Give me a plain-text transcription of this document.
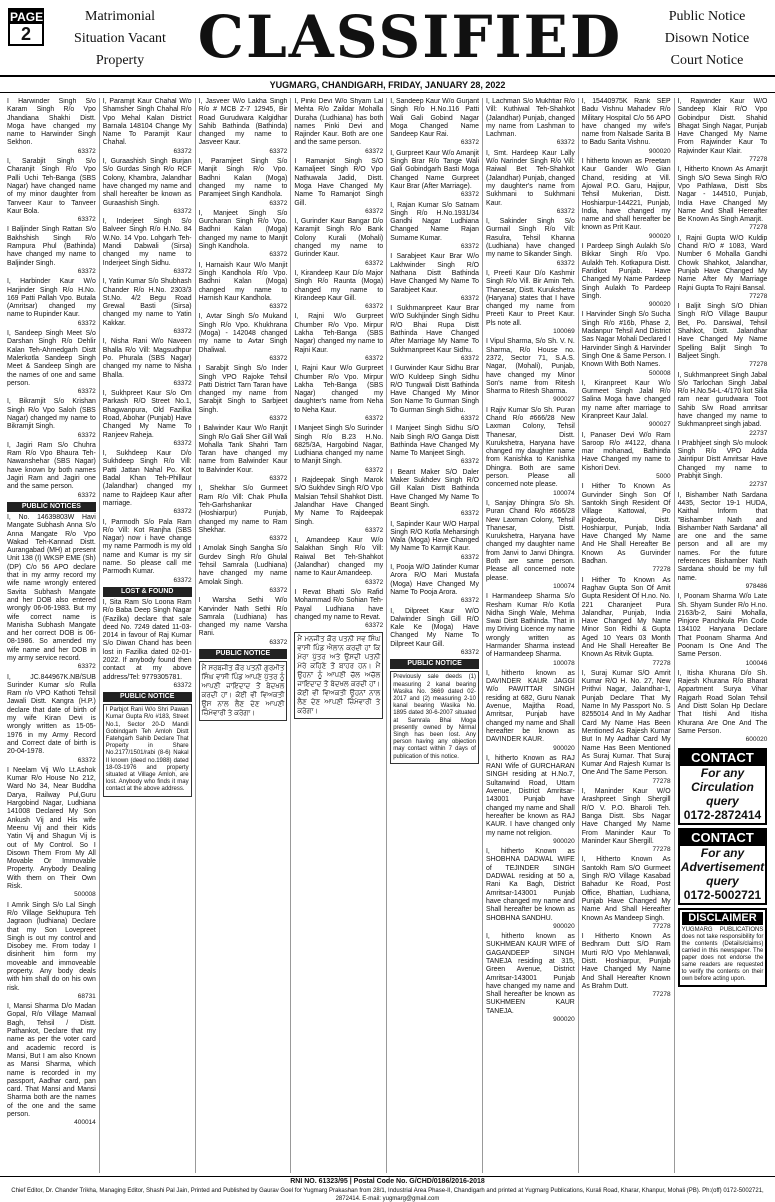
PAGE
2
Matrimonial
Situation Vacant
Property CLASSIFIED	Public Notice
Disown Notice
Court Notice
YUGMARG, CHANDIGARH, FRIDAY, JANUARY 28, 2022
I Harwinder Singh S/o Karam Singh R/o Vpo Jhandiana Shakhi Distt. Moga have changed my name to Harwinder Singh Sekhon.
63372
I, Sarabjit Singh S/o Charanjit Singh R/o Vpo Palli Uchi Teh-Banga (SBS Nagar) have changed name of my minor daughter from Tanveer Kaur to Tanveer Kaur Bola.
63372
I Baljinder Singh Rattan S/o Bakhshish Singh R/o Rampura Phul (Bathinda) have changed my name to Baljinder Singh.
63372
I, Harbinder Kaur W/o Harjinder Singh R/o H.No. 169 Patti Pallah Vpo. Butala (Amritsar) changed my name to Rupinder Kaur.
63372
I, Sandeep Singh Meet S/o Darshan Singh R/o Dehlir Kalan Teh-Ahmedgarh Distt Malerkotla Sandeep Singh Meet & Sandeep Singh are the names of one and same person.
63372
I, Bikramjit S/o Krishan Singh R/o Vpo Saloh (SBS Nagar) changed my name to Bikramjit Singh.
63372
I, Jagiri Ram S/o Chuhra Ram R/o Vpo Bhaura Teh-Nawanshehar (SBS Nagar) have known by both names Jagiri Ram and Jagiri one and the same person.
63372
PUBLIC NOTICES
I, No. 14639803W Havi Mangate Subhash Anna S/o Anna Mangate R/o Vpo Wakad Teh-Kannad Distt. Aurangabad (MH) at present Unit 138 (I) WKSP EME (Sh) (DP) C/o 56 APO declare that in my army record my wife name wrongly entered Savita Subhash Mangate and her DOB also entered wrongly 06-06-1983. But my wife correct name is Manisha Subhash Mangate and her correct DOB is 06-08-1986. So amended my wife name and her DOB in my army service record.
63372
I, JC.844967K.NB/SUB Surinder Kumar s/o Rulla Ram r/o VPO Kathoti Tehsil Jawali Distt. Kangra (H.P.) declare that date of birth of my wife Kiran Devi is wrongly written as 15-05-1976 in my Army Record and Correct date of birth is 20-04-1978.
63372
I Neelam Vij W/o Lt.Ashok Kumar R/o House No 212, Ward No 34, Near Buddha Darya, Railway Pul,Guru Hargobind Nagar, Ludhiana 141008 Declared My Son Ankush Vij and His wife Meenu Vij and their Kids Yatin Vij and Shagun Vij is out of My Control. So I Disown Them From My All Movable Or Immovable Property. Anybody Dealing With them on Their Own Risk.
500008
I Amrik Singh S/o Lal Singh R/o Village Sekhupura Teh Jagraon (ludhiana) Declare that my Son Lovepreet Singh is out my control and Disobey me. From today I disinherit him form my moveable and immoveable property. Any body deals with him shall do on his own risk.
68731
I, Mansi Sharma D/o Madan Gopal, R/o Village Manwal Bagh, Tehsil / Distt. Pathankot, Declare that my name as per the voter card and academic record is Mansi, But I am also Known as Mansi Sharma, which name is recorded in my passport, Aadhar card, pan card. That Mansi and Mansi Sharma both are the names of the one and the same person.
400014
I, Paramjit Kaur Chahal W/o Shamsher Singh Chahal R/o Vpo Mehal Kalan District Barnala 148104 Change My Name To Paramjit Kaur Chahal.
63372
I, Guraashish Singh Burjan S/o Gurdas Singh R/o RCF Colony, Khambra, Jalandhar have changed my name and shall hereafter be known as Guraashish Singh.
63372
I, Inderjeet Singh S/o Balveer Singh R/o H.No. 84 W.No. 14 Vpo. Lohgarh Teh-Mandi Dabwali (Sirsa) changed my name to Inderjeet Singh Sidhu.
63372
I, Yatin Kumar S/o Shubhash Chander R/o H.No. 2303/3 St.No. 4/2 Begu Road Grewal Basti (Sirsa) changed my name to Yatin Kakkar.
63372
I, Nisha Rani W/o Naveen Bhalla R/o Vill: Magsudhpur Po. Phurala (SBS Nagar) changed my name to Nisha Bhalla.
63372
I, Sukhpreet Kaur S/o Om Parkash R/O Street No.1, Bhagwanpura, Old Fazilka Road, Abohar (Punjab) Have Changed My Name To Ranjeev Raheja.
63372
I, Sukhdeep Kaur D/o Sukhdeep Singh R/o Vill: Patti Jattan Nahal Po. Kot Badal Khan Teh-Phillaur (Jalandhar) changed my name to Rajdeep Kaur after marriage.
63372
I, Parmodh S/o Pala Ram R/o Vill: Kot Ranjha (SBS Nagar) now i have change my name Parmodh is my old name and Kumar is my sir name. So please call me Parmodh Kumar.
63372
LOST & FOUND
I, Sita Ram S/o Loona Ram R/o Baba Deep Singh Nagar (Fazilka) declare that sale deed No. 7249 dated 11-03-2014 in favour of Raj Kumar S/o Diwan Chand has been lost in Fazilka dated 02-01-2022. If anybody found then contact at my above address/Tel: 9779305781.
63372
PUBLIC NOTICE
I Parbjot Rani W/o Shri Pawan Kumar Gupta R/o #183, Street No.1, Sector 20-D Mandi Gobindgarh Teh Amloh Distt Fatehgarh Sahib Declare That Property in Share No.2177/1501/rabi (8-6) Nakal II known (deed no.1988) dated 18-03-1976 and property situated at Village Amloh, are lost. Anybody who finds it may contact at the above address.
I, Jasveer W/o Lakha Singh R/o # MCB Z-7 12945, Bir Road Gurudwara Kalgidhar Sahib Bathinda (Bathinda) changed my name to Jasveer Kaur.
63372
I, Paramjeet Singh S/o Manjit Singh R/o Vpo. Badhni Kalan (Moga) changed my name to Paramjeet Singh Kandhola.
63372
I, Manjeet Singh S/o Gurcharan Singh R/o Vpo. Badhni Kalan (Moga) changed my name to Manjit Singh Kandhola.
63372
I, Harnaish Kaur W/o Manjit Singh Kandhola R/o Vpo. Badhni Kalan (Moga) changed my name to Harnish Kaur Kandhola.
63372
I, Avtar Singh S/o Mukand Singh R/o Vpo. Khukhrana (Moga) - 142048 changed my name to Avtar Singh Dhaliwal.
63372
I Sarabjit Singh S/o Inder Singh VPO Rajoke Tehsil Patti District Tarn Taran have changed my name from Sarabjit Singh to Sarbjeet Singh.
63372
I Balwinder Kaur W/o Ranjit Singh R/o Gali Sher Gill Wali Mohalla Tank Shahri Tarn Taran have changed my name from Balwinder Kaur to Balvinder Kour.
63372
I, Shekhar S/o Gurmeet Ram R/o Vill: Chak Phulla Teh-Garhshankar (Hoshiarpur) Punjab, changed my name to Ram Shekhar.
63372
I Amolak Singh Sangha S/o Gurdev Singh R/o Ghulal Tehsil Samrala (Ludhiana) have changed my name Amolak Singh.
63372
I Warsha Sethi W/o Karvinder Nath Sethi R/o Samrala (Ludhiana) has changed my name Varsha Rani.
63372
PUBLIC NOTICE
ਮੈਂ ਸਰਬਜੀਤ ਕੌਰ ਪਤਨੀ ਗੁਰਮੀਤ ਸਿੰਘ ਵਾਸੀ ਪਿੰਡ ਆਪਣੇ ਪੁੱਤਰ ਨੂੰ ਆਪਣੀ ਜਾਇਦਾਦ ਤੋਂ ਬੇਦਖਲ ਕਰਦੀ ਹਾਂ। ਕੋਈ ਵੀ ਵਿਅਕਤੀ ਉਸ ਨਾਲ ਲੈਣ ਦੇਣ ਆਪਣੀ ਜ਼ਿੰਮੇਵਾਰੀ ਤੇ ਕਰੇਗਾ।
I, Pinki Devi W/o Shyam Lal Mehta R/o Zaildar Mohalla Duraha (Ludhiana) has both names Pinki Devi and Rajinder Kaur. Both are one and the same person.
63372
I Ramanjot Singh S/O Kamaljeet Singh R/O Vpo Nathuwala Jadid, Distt. Moga Have Changed My Name To Ramanjot Singh Gill.
63372
I, Gurinder Kaur Bangar D/o Karamjit Singh R/o Bank Colony Kurali (Mohali) changed my name to Gurinder Kaur.
63372
I, Kirandeep Kaur D/o Major Singh R/o Raunta (Moga) changed my name to Kirandeep Kaur Gill.
63372
I, Rajni W/o Gurpreet Chumber R/o Vpo. Mirpur Lakha Teh-Banga (SBS Nagar) changed my name to Rajni Kaur.
63372
I, Rajni Kaur W/o Gurpreet Chumber R/o Vpo. Mirpur Lakha Teh-Banga (SBS Nagar) changed my daughter's name from Neha to Neha Kaur.
63372
I Manjeet Singh S/o Surinder Singh R/o B.23 H.No. 6825/3A, Hargobind Nagar, Ludhiana changed my name to Manjit Singh.
63372
I Rajdeepak Singh Marok S/O Sukhdev Singh R/O Vpo Malsian Tehsil Shahkot Distt. Jalandhar Have Changed My Name To Rajdeepak Singh.
63372
I, Amandeep Kaur W/o Salakhan Singh R/o Vill: Raiwal Bet Teh-Shahkot (Jalandhar) changed my name to Kaur Amandeep.
63372
I Revat Bhatti S/o Rafid Mohammad R/o Sohian Teh-Payal Ludhiana have changed my name to Revat.
63372
ਮੈਂ ਮਨਜੀਤ ਕੌਰ ਪਤਨੀ ਸਵ ਸਿੰਘ ਵਾਸੀ ਪਿੰਡ ਐਲਾਨ ਕਰਦੀ ਹਾਂ ਕਿ ਮੇਰਾ ਪੁੱਤਰ ਅਤੇ ਉਸਦੀ ਪਤਨੀ ਮੇਰੇ ਕਹਿਣੇ ਤੋਂ ਬਾਹਰ ਹਨ। ਮੈਂ ਉਹਨਾਂ ਨੂੰ ਆਪਣੀ ਚੱਲ ਅਚੱਲ ਜਾਇਦਾਦ ਤੋਂ ਬੇਦਖਲ ਕਰਦੀ ਹਾਂ। ਕੋਈ ਵੀ ਵਿਅਕਤੀ ਉਹਨਾਂ ਨਾਲ ਲੈਣ ਦੇਣ ਆਪਣੀ ਜ਼ਿੰਮੇਵਾਰੀ ਤੇ ਕਰੇਗਾ।
I, Sandeep Kaur W/o Gurjant Singh R/o H.No.116 Patti Wali Gali Gobind Nagar Moga Changed Name Sandeep Kaur Rai.
63372
I, Gurpreet Kaur W/o Amanjit Singh Brar R/o Tange Wali Gali Gobindgarh Basti Moga Changed Name Gurpreet Kaur Brar (After Marriage).
63372
I, Rajan Kumar S/o Satnam Singh R/o H.No.1931/34 Gandhi Nagar Ludhiana Changed Name Rajan Surname Kumar.
63372
I Sarabjeet Kaur Brar W/o Lakhwinder Singh R/O Nathana Distt Bathinda Have Changed My Name To Sarabjeet Kaur.
63372
I Sukhmanpreet Kaur Brar W/O Sukhjinder Singh Sidhu R/O Bhai Rupa Distt Bathinda Have Changed After Marriage My Name To Sukhmanpreet Kaur Sidhu.
63372
I Gurwinder Kaur Sidhu Brar W/O Kuldeep Singh Sidhu R/O Tungwali Distt Bathinda Have Changed My Minor Son Name To Gurman Singh To Gurman Singh Sidhu.
63372
I Manjeet Singh Sidhu S/O Naib Singh R/O Ganga Distt Bathinda Have Changed My Name To Manjeet Singh.
63372
I Beant Maker S/O Daler Maker Sukhdev Singh R/O Gill Kalan Distt Bathinda Have Changed My Name To Beant Singh.
63372
I, Sapinder Kaur W/O Harpal Singh R/O Kotla Meharsingh Wala (Moga) Have Changed My Name To Karmjit Kaur.
63372
I, Pooja W/O Jatinder Kumar Arora R/O Mari Mustafa (Moga) Have Changed My Name To Pooja Arora.
63372
I, Dilpreet Kaur W/O Dalwinder Singh Gill R/O Kale Ke (Moga) Have Changed My Name To Dilpreet Kaur Gill.
63372
PUBLIC NOTICE
Previously sale deeds (1) measuring 2 kanal bearing Wasika No. 3669 dated 02-2017 and (2) measuring 2-10 kanal bearing Wasika No. 1895 dated 30-6-2007 situated at Samrala Bhai Moga presently owned by Nirmal Singh has been lost. Any person having any objection may contact within 7 days of publication of this notice.
I, Lachman S/o Mukhtiar R/o Vill: Kuthiwal Teh-Shahkot (Jalandhar) Punjab, changed my name from Lashman to Lachman.
63372
I, Smt. Hardeep Kaur Lally W/o Narinder Singh R/o Vill: Raiwal Bet Teh-Shahkot (Jalandhar) Punjab, changed my daughter's name from Sukhmani to Sukhmani Kaur.
63372
I, Sakinder Singh S/o Gurmail Singh R/o Vill: Rasulra, Tehsil Khanna (Ludhiana) have changed my name to Sikander Singh.
63372
I, Preeti Kaur D/o Kashmir Singh R/o Vill. Bir Amin Teh. Thanesar, Distt. Kurukshetra (Haryana) states that I have changed my name from Preeti Kaur to Preet Kaur. Pls note all.
100069
I Vipul Sharma, S/o Sh. V. N. Sharma, R/o House no. 2372, Sector 71, S.A.S. Nagar, (Mohali), Punjab, have changed my Minor Son's name from Ritesh Sharma to Ritesh Sharma.
900027
I Rajiv Kumar S/o Sh. Puran Chand R/o #666/28 New Laxman Colony, Tehsil Thanesar, Distt. Kurukshetra, Haryana have changed my daughter name from Kanishka to Kanishka Dhingra. Both are same person. Please all concerned note please.
100074
I, Sanjay Dhingra S/o Sh. Puran Chand R/o #666/28 New Laxman Colony, Tehsil Thanesar, Distt. Kurukshetra, Haryana have changed my daughter name from Janvi to Janvi Dhingra. Both are same person. Please all concerned note please.
100074
I Harmandeep Sharma S/o Resham Kumar R/o Kotla Nidha Singh Wale, Mehma Swai Distt Bathinda. That in my Driving Licence my name wrongly written as Harmander Sharma instead of Harmandeep Sharma.
100078
I, hitherto known as DAVINDER KAUR JAGGI W/o PAWITTAR SINGH residing at 682, Guru Nanak Avenue, Majitha Road, Amritsar, Punjab have changed my name and Shall hereafter be known as DAVINDER KAUR.
900020
I, hitherto Known as RAJ RANI Wife of GURCHARAN SINGH residing at H.No.7, Sultanwind Road, Uttam Avenue, District Amritsar-143001 Punjab have changed my name and Shall hereafter be known as RAJ KAUR. I have changed only my name not religion.
900020
I, hitherto Known as SHOBHNA DADWAL WIFE of TEJINDER SINGH DADWAL residing at 50 a, Rani Ka Bagh, District Amritsar-143001 Punjab have changed my name and Shall hereafter be known as SHOBHNA SANDHU.
900020
I, hitherto known as SUKHMEAN KAUR WIFE of GAGANDEEP SINGH TANEJA residing at 315, Green Avenue, District Amritsar-143001 Punjab have changed my name and Shall hereafter be known as SUKHMEEN KAUR TANEJA.
900020
I, 15440975K Rank SEP Badu Vishnu Mahadev R/o Military Hospital C/o 56 APO have changed my wife's name from Nalsade Sarita B to Badu Sarita Vishnu.
900020
I hitherto known as Preetam Kaur Gander W/o Gian Chand, residing at Vill. Ajowal P.O. Garu, Hajipur, Tehsil Mukerian, Distt. Hoshiarpur-144221, Punjab, India, have changed my name and shall hereafter be known as Prit Kaur.
900020
I Pardeep Singh Aulakh S/o Bikkar Singh R/o Vpo. Aulakh Teh. Kotkapura Distt. Faridkot Punjab. Have Changed My Name Pardeep Singh Aulakh To Pardeep Singh.
900020
I Harvinder Singh S/o Sucha Singh R/o #16b, Phase 2, Madanpur Tehsil And District Sas Nagar Mohali Declared I Harvinder Singh & Harvinder Singh One & Same Person. I Known With Both Names.
500008
I, Kiranpreet Kaur W/o Gurmeet Singh Jalal R/o Salina Moga have changed my name after marriage to Kiranpreet Kaur Jalal.
900027
I, Panaser Devi W/o Ram Saroop R/o #4122, dhana mar mohanad, Bathinda Have Changed my name to Kishori Devi.
5000
I Hither To Known As Gurvinder Singh Son Of Santokh Singh Resident Of Village Kattowal, Po Pajjodeota, Distt. Hoshiarpur, Punjab, India Have Changed My Name And He Shall Hereafter Be Known As Gurvinder Badhan.
77278
I Hither To Known As Raghav Gupta Son Of Amit Gupta Resident Of H.no. No. 221 Charanjeet Pura Jalandhar, Punjab, India Have Changed My Name Minor Son Ridhi & Gupta Aged 10 Years 03 Month And He Shall Hereafter Be Known As Ritvik Gupta.
77278
I, Suraj Kumar S/O Amrit Kumar R/O H. No. 27, New Prithvi Nagar, Jalandhar-1, Punjab Declare That My Name In My Passport No. S 8255014 And In My Aadhar Card My Name Has Been Mentioned As Rajesh Kumar But In My Aadhar Card My Name Has Been Mentioned As Suraj Kumar. That Suraj Kumar And Rajesh Kumar Is One And The Same Person.
77278
I, Maninder Kaur W/O Arashpreet Singh Shergill R/O V. P.O. Bharoli Teh. Banga Distt. Sbs Nagar Have Changed My Name From Maninder Kaur To Maninder Kaur Shergill.
77278
I, Hitherto Known As Santokh Ram S/O Gurmeet Singh R/O Village Kasabad Bahadur Ke Road, Post Office, Bhattian, Ludhiana, Punjab Have Changed My Name And Shall Hereafter Known As Mandeep Singh.
77278
I Hitherto Known As Bedhram Dutt S/O Ram Murti R/O Vpo Mehlanwali, Distt. Hoshiarpur, Punjab Have Changed My Name And Shall Hereafter Known As Brahm Dutt.
77278
I, Rajwinder Kaur W/O Sandeep Klair R/O Vpo Gobindpur Distt. Shahid Bhagat Singh Nagar, Punjab Have Changed My Name From Rajwinder Kaur To Rajwinder Kaur Klair.
77278
I, Hitherto Known As Amarjit Singh S/O Sewa Singh R/O Vpo Pathlawa, Distt Sbs Nagar - 144510, Punjab, India Have Changed My Name And Shall Hereafter Be Known As Singh Amarjit.
77278
I, Rajni Gupta W/O Kuldip Chand R/O # 1083, Ward Number 6 Mohalla Gandhi Chowk Shahkot, Jalandhar, Punjab Have Changed My Name After My Marriage Rajni Gupta To Rajni Bansal.
77278
I Baljit Singh S/O Dhian Singh R/O Village Baupur Bet, Po. Dansiwal, Tehsil Shahkot, Distt. Jalandhar Have Changed My Name Spelling Baljit Singh To Baljeet Singh.
77278
I, Sukhmanpreet Singh Jabal S/o Tarlochan Singh Jabal R/o H.No.54-L-4/170 kot Silia ram near gurudwara Toot Sahib S/w Road amritsar have changed my name to Sukhmanpreet singh jabad.
22737
I Prabhjeet singh S/o mulook Singh R/o VPO Adda Jaintipur Distt Amritsar Have Changed my name to Prabhjit Singh.
22737
I, Bishamber Nath Sardana 4435, Sector 19-1 HUDA, Kaithal Inform that "Bishamber Nath and Bishamber Nath Sardana" all are one and the same person and all are my names. For the future references Bishamber Nath Sardana should be my full name.
978486
I, Poonam Sharma W/o Late Sh. Shyam Sunder R/o H.no. 2163/b-2, Saini Mohalla, Pinjore Panchkula Pin Code 134102 Haryana Declare That Poonam Sharma And Poonam Is One And The Same Person.
100046
I, Itisha Khurana D/o Sh. Rajesh Khurana R/o Bharat Appartment Surya Vihar Rajgarh Road Solan Tehsil And Distt Solan Hp Declare That Itishi And Itisha Khurana Are One And The Same Person.
600020
CONTACT
For any Circulation query
0172-2872414
CONTACT
For any Advertisement query
0172-5002721
DISCLAIMER
YUGMARG PUBLICATIONS does not take responsibility for the contents (Details/claims) carried in this newspaper. The paper does not endorse the same readers are requested to verify the contents on their own before acting upon.
RNI NO. 61323/95 | Postal Code No. G/CHD/0186/2016-2018
Chief Editor, Dr. Chander Trikha, Managing Editor, Shashi Pal Jain, Printed and Published by Gaurav Goel for Yugmarg Prakashan from 28/1, Industrial Area Phase-II, Chandigarh and printed at Yugmarg Publications, Kurali Road, Kharar, Khanpur, Mohali (PB). Ph:(off) 0172-5002721, 2872414. E-mail: yugmarg@gmail.com
